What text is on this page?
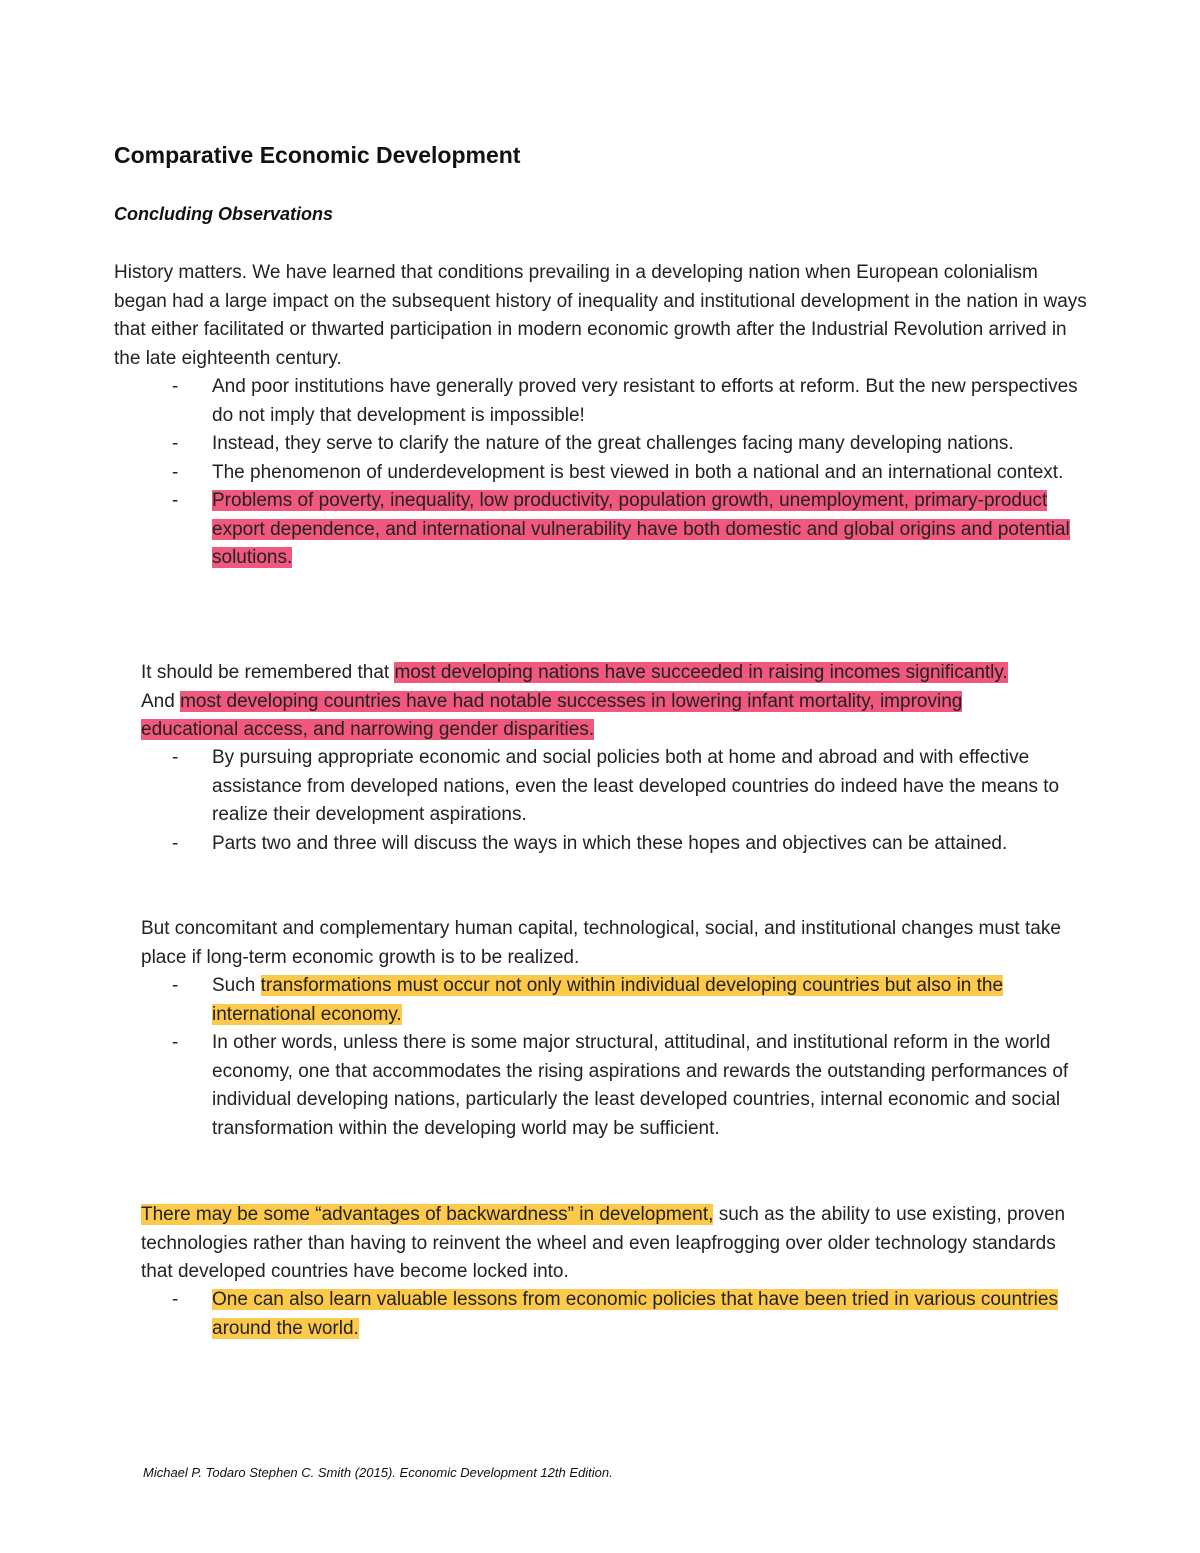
Comparative Economic Development
Concluding Observations

History matters. We have learned that conditions prevailing in a developing nation when European colonialism began had a large impact on the subsequent history of inequality and institutional development in the nation in ways that either facilitated or thwarted participation in modern economic growth after the Industrial Revolution arrived in the late eighteenth century.

- And poor institutions have generally proved very resistant to efforts at reform. But the new perspectives do not imply that development is impossible!
- Instead, they serve to clarify the nature of the great challenges facing many developing nations.
- The phenomenon of underdevelopment is best viewed in both a national and an international context.
- Problems of poverty, inequality, low productivity, population growth, unemployment, primary-product export dependence, and international vulnerability have both domestic and global origins and potential solutions.

It should be remembered that most developing nations have succeeded in raising incomes significantly. And most developing countries have had notable successes in lowering infant mortality, improving educational access, and narrowing gender disparities.

- By pursuing appropriate economic and social policies both at home and abroad and with effective assistance from developed nations, even the least developed countries do indeed have the means to realize their development aspirations.
- Parts two and three will discuss the ways in which these hopes and objectives can be attained.

But concomitant and complementary human capital, technological, social, and institutional changes must take place if long-term economic growth is to be realized.

- Such transformations must occur not only within individual developing countries but also in the international economy.
- In other words, unless there is some major structural, attitudinal, and institutional reform in the world economy, one that accommodates the rising aspirations and rewards the outstanding performances of individual developing nations, particularly the least developed countries, internal economic and social transformation within the developing world may be sufficient.

There may be some “advantages of backwardness” in development, such as the ability to use existing, proven technologies rather than having to reinvent the wheel and even leapfrogging over older technology standards that developed countries have become locked into.

- One can also learn valuable lessons from economic policies that have been tried in various countries around the world.

Michael P. Todaro Stephen C. Smith (2015). Economic Development 12th Edition.
